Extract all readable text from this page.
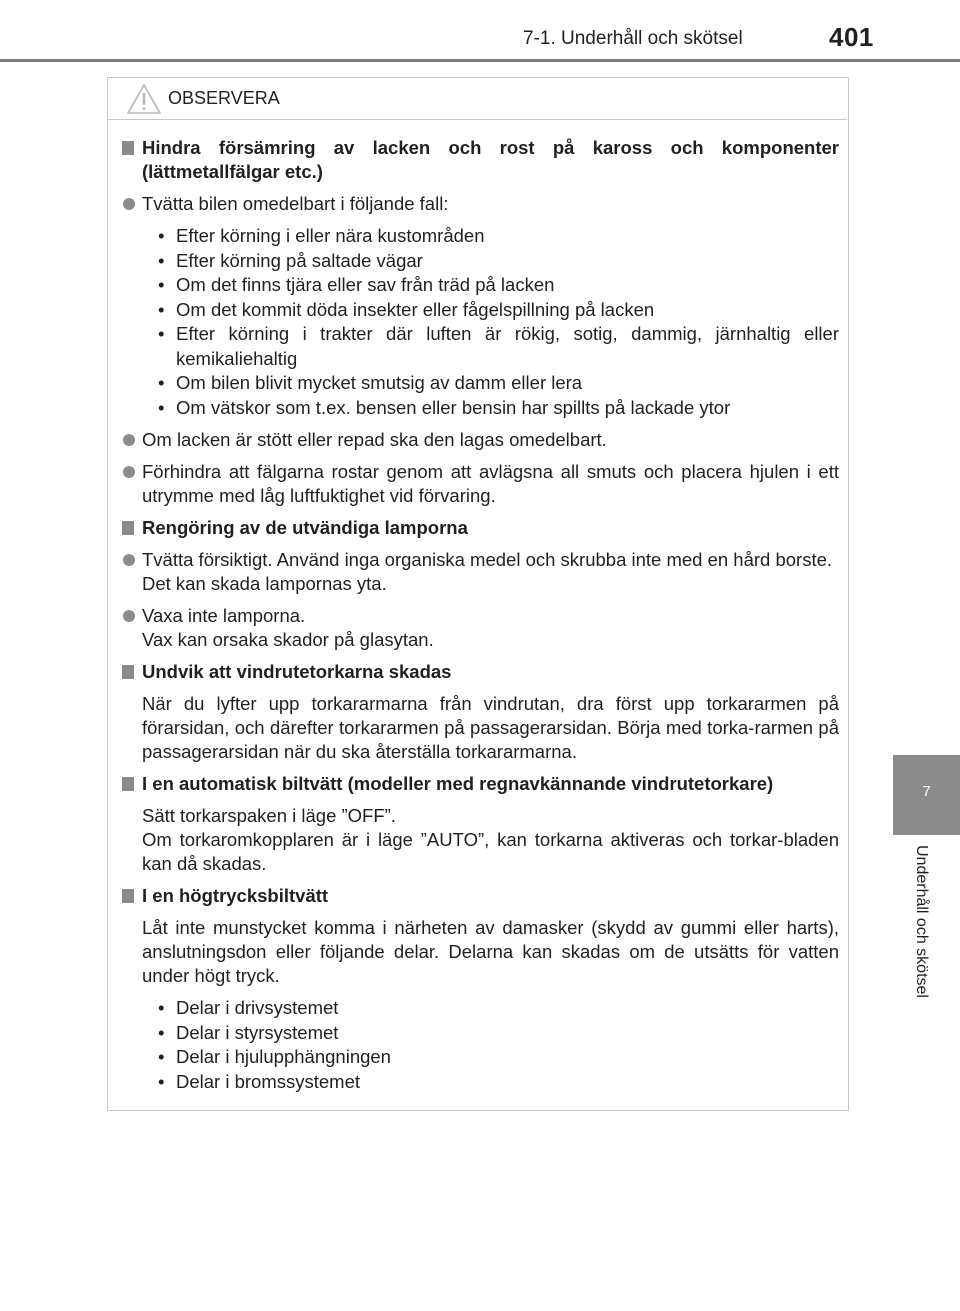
7-1. Underhåll och skötsel	401
7
Underhåll och skötsel
OBSERVERA
Hindra försämring av lacken och rost på kaross och komponenter (lättmetallfälgar etc.)
Tvätta bilen omedelbart i följande fall:
• Efter körning i eller nära kustområden
• Efter körning på saltade vägar
• Om det finns tjära eller sav från träd på lacken
• Om det kommit döda insekter eller fågelspillning på lacken
• Efter körning i trakter där luften är rökig, sotig, dammig, järnhaltig eller kemikaliehaltig
• Om bilen blivit mycket smutsig av damm eller lera
• Om vätskor som t.ex. bensen eller bensin har spillts på lackade ytor
Om lacken är stött eller repad ska den lagas omedelbart.
Förhindra att fälgarna rostar genom att avlägsna all smuts och placera hjulen i ett utrymme med låg luftfuktighet vid förvaring.
Rengöring av de utvändiga lamporna
Tvätta försiktigt. Använd inga organiska medel och skrubba inte med en hård borste.
Det kan skada lampornas yta.
Vaxa inte lamporna.
Vax kan orsaka skador på glasytan.
Undvik att vindrutetorkarna skadas
När du lyfter upp torkararmarna från vindrutan, dra först upp torkararmen på förarsidan, och därefter torkararmen på passagerarsidan. Börja med torka-rarmen på passagerarsidan när du ska återställa torkararmarna.
I en automatisk biltvätt (modeller med regnavkännande vindrutetorkare)
Sätt torkarspaken i läge ”OFF”.
Om torkaromkopplaren är i läge ”AUTO”, kan torkarna aktiveras och torkar-bladen kan då skadas.
I en högtrycksbiltvätt
Låt inte munstycket komma i närheten av damasker (skydd av gummi eller harts), anslutningsdon eller följande delar. Delarna kan skadas om de utsätts för vatten under högt tryck.
• Delar i drivsystemet
• Delar i styrsystemet
• Delar i hjulupphängningen
• Delar i bromssystemet
